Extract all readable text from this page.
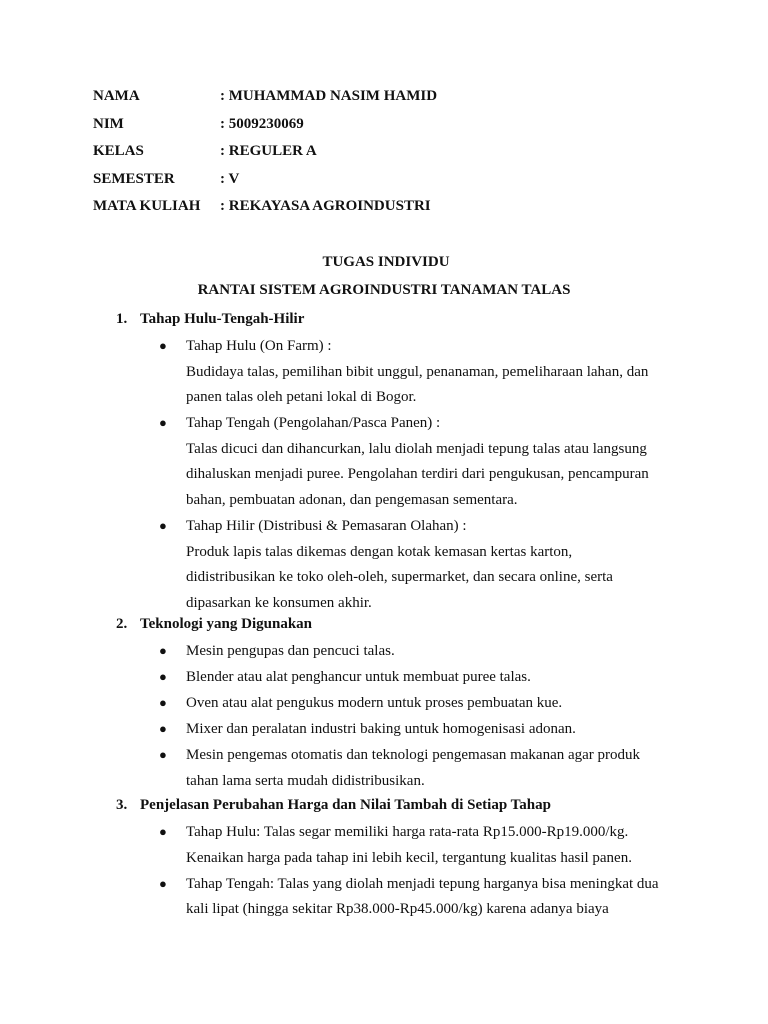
NAMA	: MUHAMMAD NASIM HAMID
NIM	: 5009230069
KELAS	: REGULER A
SEMESTER	: V
MATA KULIAH : REKAYASA AGROINDUSTRI
TUGAS INDIVIDU
RANTAI SISTEM AGROINDUSTRI TANAMAN TALAS
1. Tahap Hulu-Tengah-Hilir
● Tahap Hulu (On Farm) :
Budidaya talas, pemilihan bibit unggul, penanaman, pemeliharaan lahan, dan
panen talas oleh petani lokal di Bogor.
● Tahap Tengah (Pengolahan/Pasca Panen) :
Talas dicuci dan dihancurkan, lalu diolah menjadi tepung talas atau langsung
dihaluskan menjadi puree. Pengolahan terdiri dari pengukusan, pencampuran
bahan, pembuatan adonan, dan pengemasan sementara.
● Tahap Hilir (Distribusi & Pemasaran Olahan) :
Produk lapis talas dikemas dengan kotak kemasan kertas karton,
didistribusikan ke toko oleh-oleh, supermarket, dan secara online, serta
dipasarkan ke konsumen akhir.
2. Teknologi yang Digunakan
● Mesin pengupas dan pencuci talas.
● Blender atau alat penghancur untuk membuat puree talas.
● Oven atau alat pengukus modern untuk proses pembuatan kue.
● Mixer dan peralatan industri baking untuk homogenisasi adonan.
● Mesin pengemas otomatis dan teknologi pengemasan makanan agar produk
tahan lama serta mudah didistribusikan.
3. Penjelasan Perubahan Harga dan Nilai Tambah di Setiap Tahap
● Tahap Hulu: Talas segar memiliki harga rata-rata Rp15.000-Rp19.000/kg.
Kenaikan harga pada tahap ini lebih kecil, tergantung kualitas hasil panen.
● Tahap Tengah: Talas yang diolah menjadi tepung harganya bisa meningkat dua
kali lipat (hingga sekitar Rp38.000-Rp45.000/kg) karena adanya biaya
